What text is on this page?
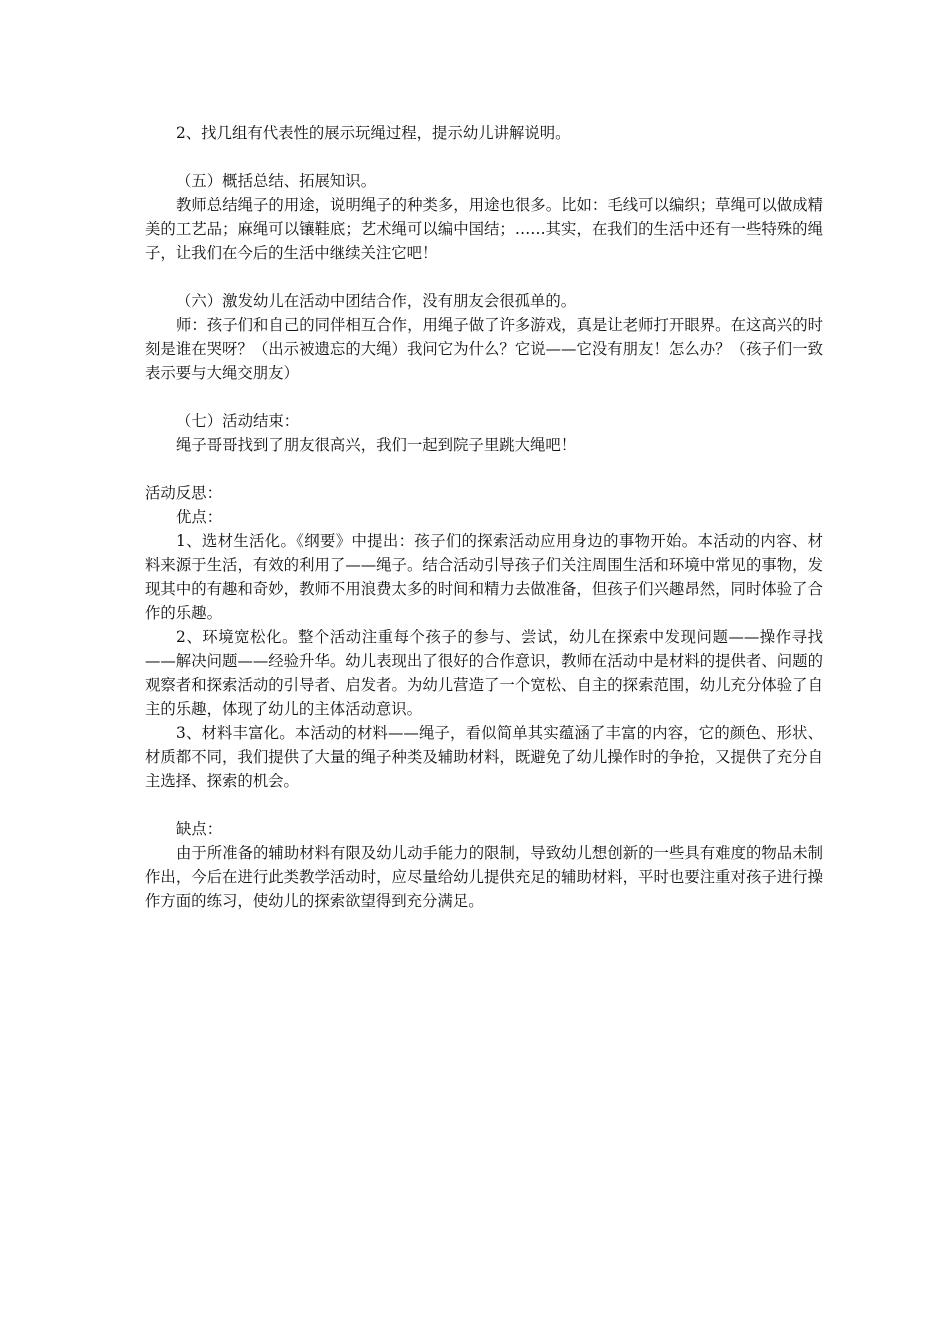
2、找几组有代表性的展示玩绳过程，提示幼儿讲解说明。

（五）概括总结、拓展知识。

教师总结绳子的用途，说明绳子的种类多，用途也很多。比如：毛线可以编织；草绳可以做成精美的工艺品；麻绳可以镶鞋底；艺术绳可以编中国结；……其实，在我们的生活中还有一些特殊的绳子，让我们在今后的生活中继续关注它吧！

（六）激发幼儿在活动中团结合作，没有朋友会很孤单的。

师：孩子们和自己的同伴相互合作，用绳子做了许多游戏，真是让老师打开眼界。在这高兴的时刻是谁在哭呀？（出示被遗忘的大绳）我问它为什么？它说——它没有朋友！怎么办？（孩子们一致表示要与大绳交朋友）

（七）活动结束：

绳子哥哥找到了朋友很高兴，我们一起到院子里跳大绳吧！

活动反思：

优点：

1、选材生活化。《纲要》中提出：孩子们的探索活动应用身边的事物开始。本活动的内容、材料来源于生活，有效的利用了——绳子。结合活动引导孩子们关注周围生活和环境中常见的事物，发现其中的有趣和奇妙，教师不用浪费太多的时间和精力去做准备，但孩子们兴趣昂然，同时体验了合作的乐趣。

2、环境宽松化。整个活动注重每个孩子的参与、尝试，幼儿在探索中发现问题——操作寻找——解决问题——经验升华。幼儿表现出了很好的合作意识，教师在活动中是材料的提供者、问题的观察者和探索活动的引导者、启发者。为幼儿营造了一个宽松、自主的探索范围，幼儿充分体验了自主的乐趣，体现了幼儿的主体活动意识。

3、材料丰富化。本活动的材料——绳子，看似简单其实蕴涵了丰富的内容，它的颜色、形状、材质都不同，我们提供了大量的绳子种类及辅助材料，既避免了幼儿操作时的争抢，又提供了充分自主选择、探索的机会。

缺点：

由于所准备的辅助材料有限及幼儿动手能力的限制，导致幼儿想创新的一些具有难度的物品未制作出，今后在进行此类教学活动时，应尽量给幼儿提供充足的辅助材料，平时也要注重对孩子进行操作方面的练习，使幼儿的探索欲望得到充分满足。
